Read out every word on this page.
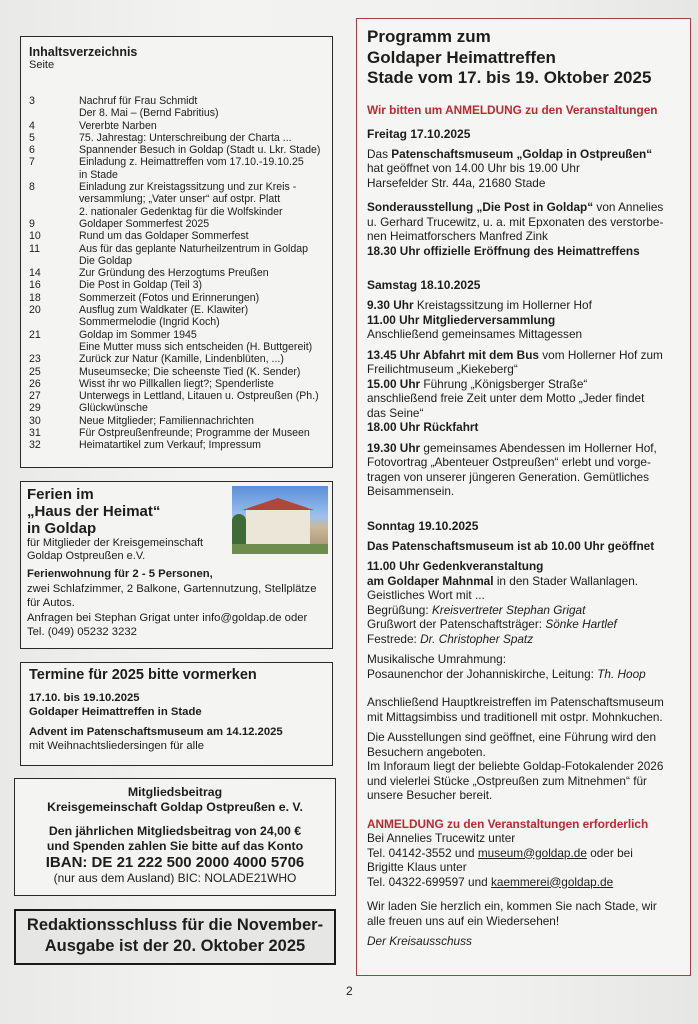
Inhaltsverzeichnis
Seite
3	Nachruf für Frau Schmidt
Der 8. Mai – (Bernd Fabritius)
4	Vererbte Narben
5	75. Jahrestag: Unterschreibung der Charta ...
6	Spannender Besuch in Goldap (Stadt u. Lkr. Stade)
7	Einladung z. Heimattreffen vom 17.10.-19.10.25
in Stade
8	Einladung zur Kreistagssitzung und zur Kreis -
versammlung; „Vater unser“ auf ostpr. Platt
2. nationaler Gedenktag für die Wolfskinder
9	Goldaper Sommerfest 2025
10	Rund um das Goldaper Sommerfest
11	Aus für das geplante Naturheilzentrum in Goldap
Die Goldap
14	Zur Gründung des Herzogtums Preußen
16	Die Post in Goldap (Teil 3)
18	Sommerzeit (Fotos und Erinnerungen)
20	Ausflug zum Waldkater (E. Klawiter)
Sommermelodie (Ingrid Koch)
21	Goldap im Sommer 1945
Eine Mutter muss sich entscheiden (H. Buttgereit)
23	Zurück zur Natur (Kamille, Lindenblüten, ...)
25	Museumsecke; Die scheenste Tied (K. Sender)
26	Wisst ihr wo Pillkallen liegt?; Spenderliste
27	Unterwegs in Lettland, Litauen u. Ostpreußen (Ph.)
29	Glückwünsche
30	Neue Mitglieder; Familiennachrichten
31	Für Ostpreußenfreunde; Programme der Museen
32	Heimatartikel zum Verkauf; Impressum
Ferien im
„Haus der Heimat“
in Goldap
für Mitglieder der Kreisgemeinschaft
Goldap Ostpreußen e.V.
Ferienwohnung für 2 - 5 Personen,
zwei Schlafzimmer, 2 Balkone, Gartennutzung, Stellplätze für Autos.
Anfragen bei Stephan Grigat unter info@goldap.de oder Tel. (049) 05232 3232
Termine für 2025 bitte vormerken
17.10. bis 19.10.2025
Goldaper Heimattreffen in Stade
Advent im Patenschaftsmuseum am 14.12.2025
mit Weihnachtsliedersingen für alle
Mitgliedsbeitrag
Kreisgemeinschaft Goldap Ostpreußen e. V.
Den jährlichen Mitgliedsbeitrag von 24,00 €
und Spenden zahlen Sie bitte auf das Konto
IBAN: DE 21 222 500 2000 4000 5706
(nur aus dem Ausland) BIC: NOLADE21WHO
Redaktionsschluss für die November-
Ausgabe ist der 20. Oktober 2025
2
Programm zum
Goldaper Heimattreffen
Stade vom 17. bis 19. Oktober 2025
Wir bitten um ANMELDUNG zu den Veranstaltungen
Freitag 17.10.2025
Das Patenschaftsmuseum „Goldap in Ostpreußen“
hat geöffnet von 14.00 Uhr bis 19.00 Uhr
Harsefelder Str. 44a, 21680 Stade
Sonderausstellung „Die Post in Goldap“ von Annelies
u. Gerhard Trucewitz, u. a. mit Epxonaten des verstorbe-
nen Heimatforschers Manfred Zink
18.30 Uhr offizielle Eröffnung des Heimattreffens
Samstag 18.10.2025
9.30 Uhr Kreistagssitzung im Hollerner Hof
11.00 Uhr Mitgliederversammlung
Anschließend gemeinsames Mittagessen
13.45 Uhr Abfahrt mit dem Bus vom Hollerner Hof zum
Freilichtmuseum „Kiekeberg“
15.00 Uhr Führung „Königsberger Straße“
anschließend freie Zeit unter dem Motto „Jeder findet
das Seine“
18.00 Uhr Rückfahrt
19.30 Uhr gemeinsames Abendessen im Hollerner Hof,
Fotovortrag „Abenteuer Ostpreußen“ erlebt und vorge-
tragen von unserer jüngeren Generation. Gemütliches
Beisammensein.
Sonntag 19.10.2025
Das Patenschaftsmuseum ist ab 10.00 Uhr geöffnet
11.00 Uhr Gedenkveranstaltung
am Goldaper Mahnmal in den Stader Wallanlagen.
Geistliches Wort mit ...
Begrüßung: Kreisvertreter Stephan Grigat
Grußwort der Patenschaftsträger: Sönke Hartlef
Festrede: Dr. Christopher Spatz
Musikalische Umrahmung:
Posaunenchor der Johanniskirche, Leitung: Th. Hoop
Anschließend Hauptkreistreffen im Patenschaftsmuseum
mit Mittagsimbiss und traditionell mit ostpr. Mohnkuchen.
Die Ausstellungen sind geöffnet, eine Führung wird den
Besuchern angeboten.
Im Inforaum liegt der beliebte Goldap-Fotokalender 2026
und vielerlei Stücke „Ostpreußen zum Mitnehmen“ für
unsere Besucher bereit.
ANMELDUNG zu den Veranstaltungen erforderlich
Bei Annelies Trucewitz unter
Tel. 04142-3552 und museum@goldap.de oder bei
Brigitte Klaus unter
Tel. 04322-699597 und kaemmerei@goldap.de
Wir laden Sie herzlich ein, kommen Sie nach Stade, wir
alle freuen uns auf ein Wiedersehen!
Der Kreisausschuss
